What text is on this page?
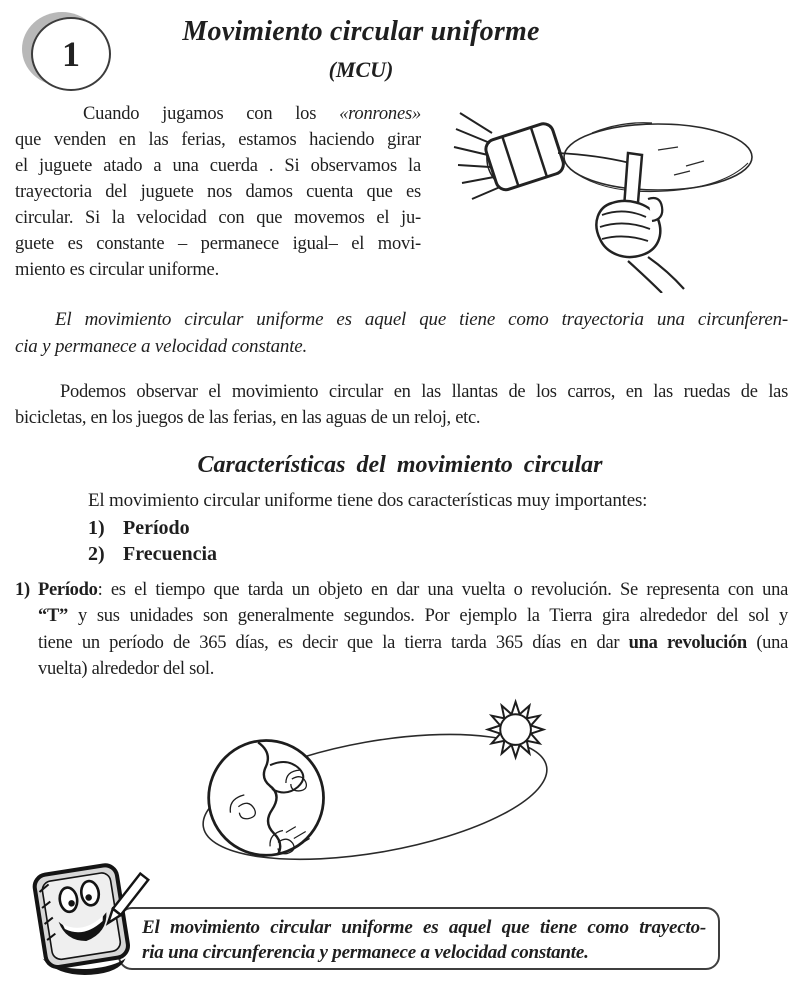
1
Movimiento circular uniforme
(MCU)
Cuando jugamos con los «ronrones»
que venden en las ferias, estamos haciendo girar
el juguete atado a una cuerda . Si observamos la
trayectoria del juguete nos damos cuenta que es
circular. Si la velocidad con que movemos el ju-
guete es constante – permanece igual– el movi-
miento es circular uniforme.
El movimiento circular uniforme es aquel que tiene como trayectoria una circunferen-
cia y permanece a velocidad constante.
Podemos observar el movimiento circular en las llantas de los carros, en las ruedas de las
bicicletas, en los juegos de las ferias, en las aguas de un reloj, etc.
Características del movimiento circular
El movimiento circular uniforme tiene dos características muy importantes:
1) Período
2) Frecuencia
1) Período: es el tiempo que tarda un objeto en dar una vuelta o revolución. Se representa con una
“T” y sus unidades son generalmente segundos. Por ejemplo la Tierra gira alrededor del sol y
tiene un período de 365 días, es decir que la tierra tarda 365 días en dar una revolución (una
vuelta) alrededor del sol.
El movimiento circular uniforme es aquel que tiene como trayecto-
ria una circunferencia y permanece a velocidad constante.
